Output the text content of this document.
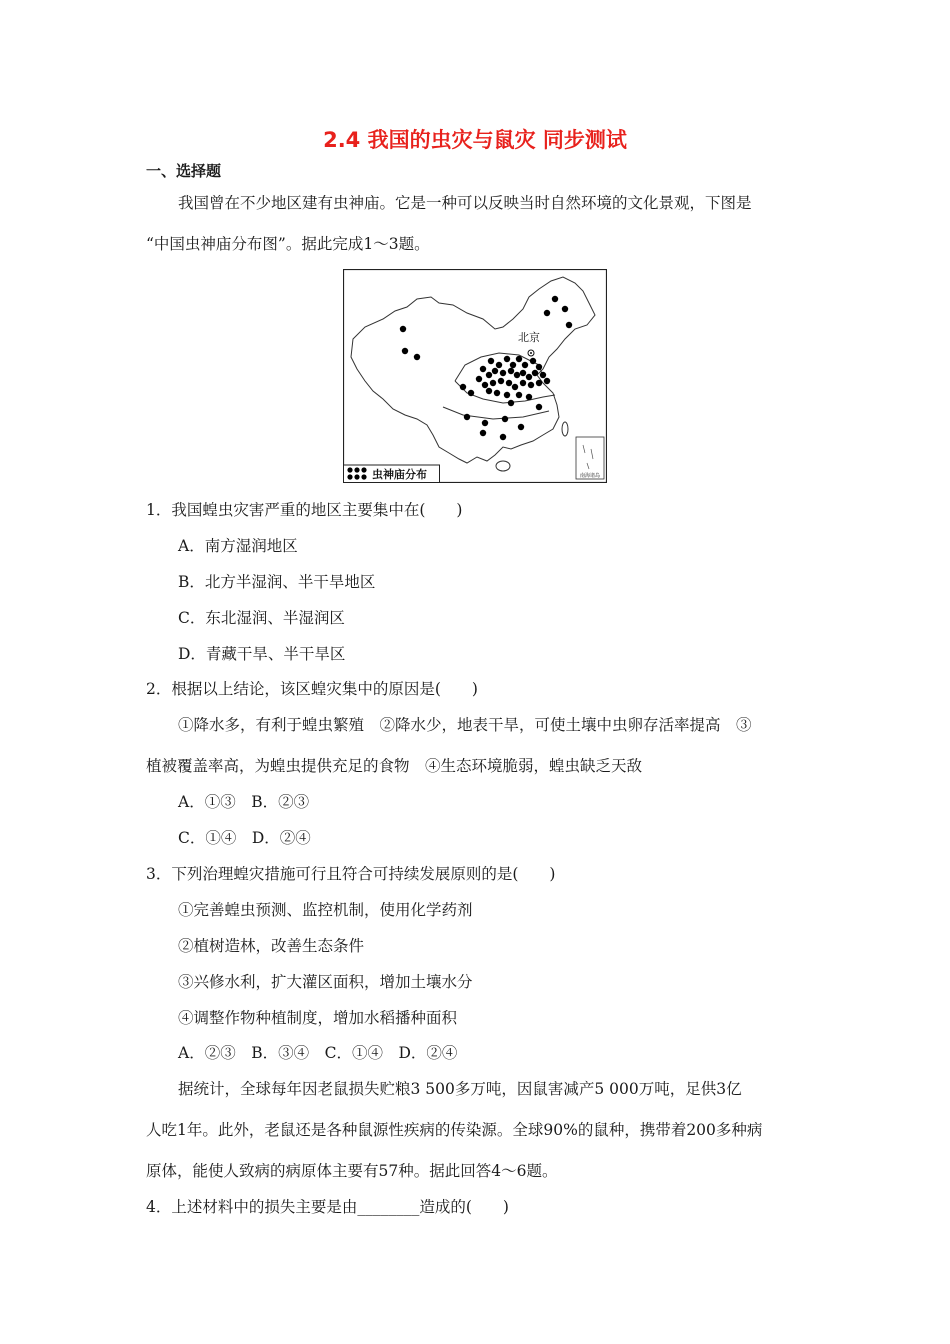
2.4 我国的虫灾与鼠灾 同步测试
一、选择题
我国曾在不少地区建有虫神庙。它是一种可以反映当时自然环境的文化景观，下图是
“中国虫神庙分布图”。据此完成1～3题。
南海诸岛
北京
虫神庙分布
1．我国蝗虫灾害严重的地区主要集中在(　　)
A．南方湿润地区
B．北方半湿润、半干旱地区
C．东北湿润、半湿润区
D．青藏干旱、半干旱区
2．根据以上结论，该区蝗灾集中的原因是(　　)
①降水多，有利于蝗虫繁殖　②降水少，地表干旱，可使土壤中虫卵存活率提高　③
植被覆盖率高，为蝗虫提供充足的食物　④生态环境脆弱，蝗虫缺乏天敌
A．①③　B．②③
C．①④　D．②④
3．下列治理蝗灾措施可行且符合可持续发展原则的是(　　)
①完善蝗虫预测、监控机制，使用化学药剂
②植树造林，改善生态条件
③兴修水利，扩大灌区面积，增加土壤水分
④调整作物种植制度，增加水稻播种面积
A．②③　B．③④　C．①④　D．②④
据统计，全球每年因老鼠损失贮粮3 500多万吨，因鼠害减产5 000万吨，足供3亿
人吃1年。此外，老鼠还是各种鼠源性疾病的传染源。全球90%的鼠种，携带着200多种病
原体，能使人致病的病原体主要有57种。据此回答4～6题。
4．上述材料中的损失主要是由________造成的(　　)
